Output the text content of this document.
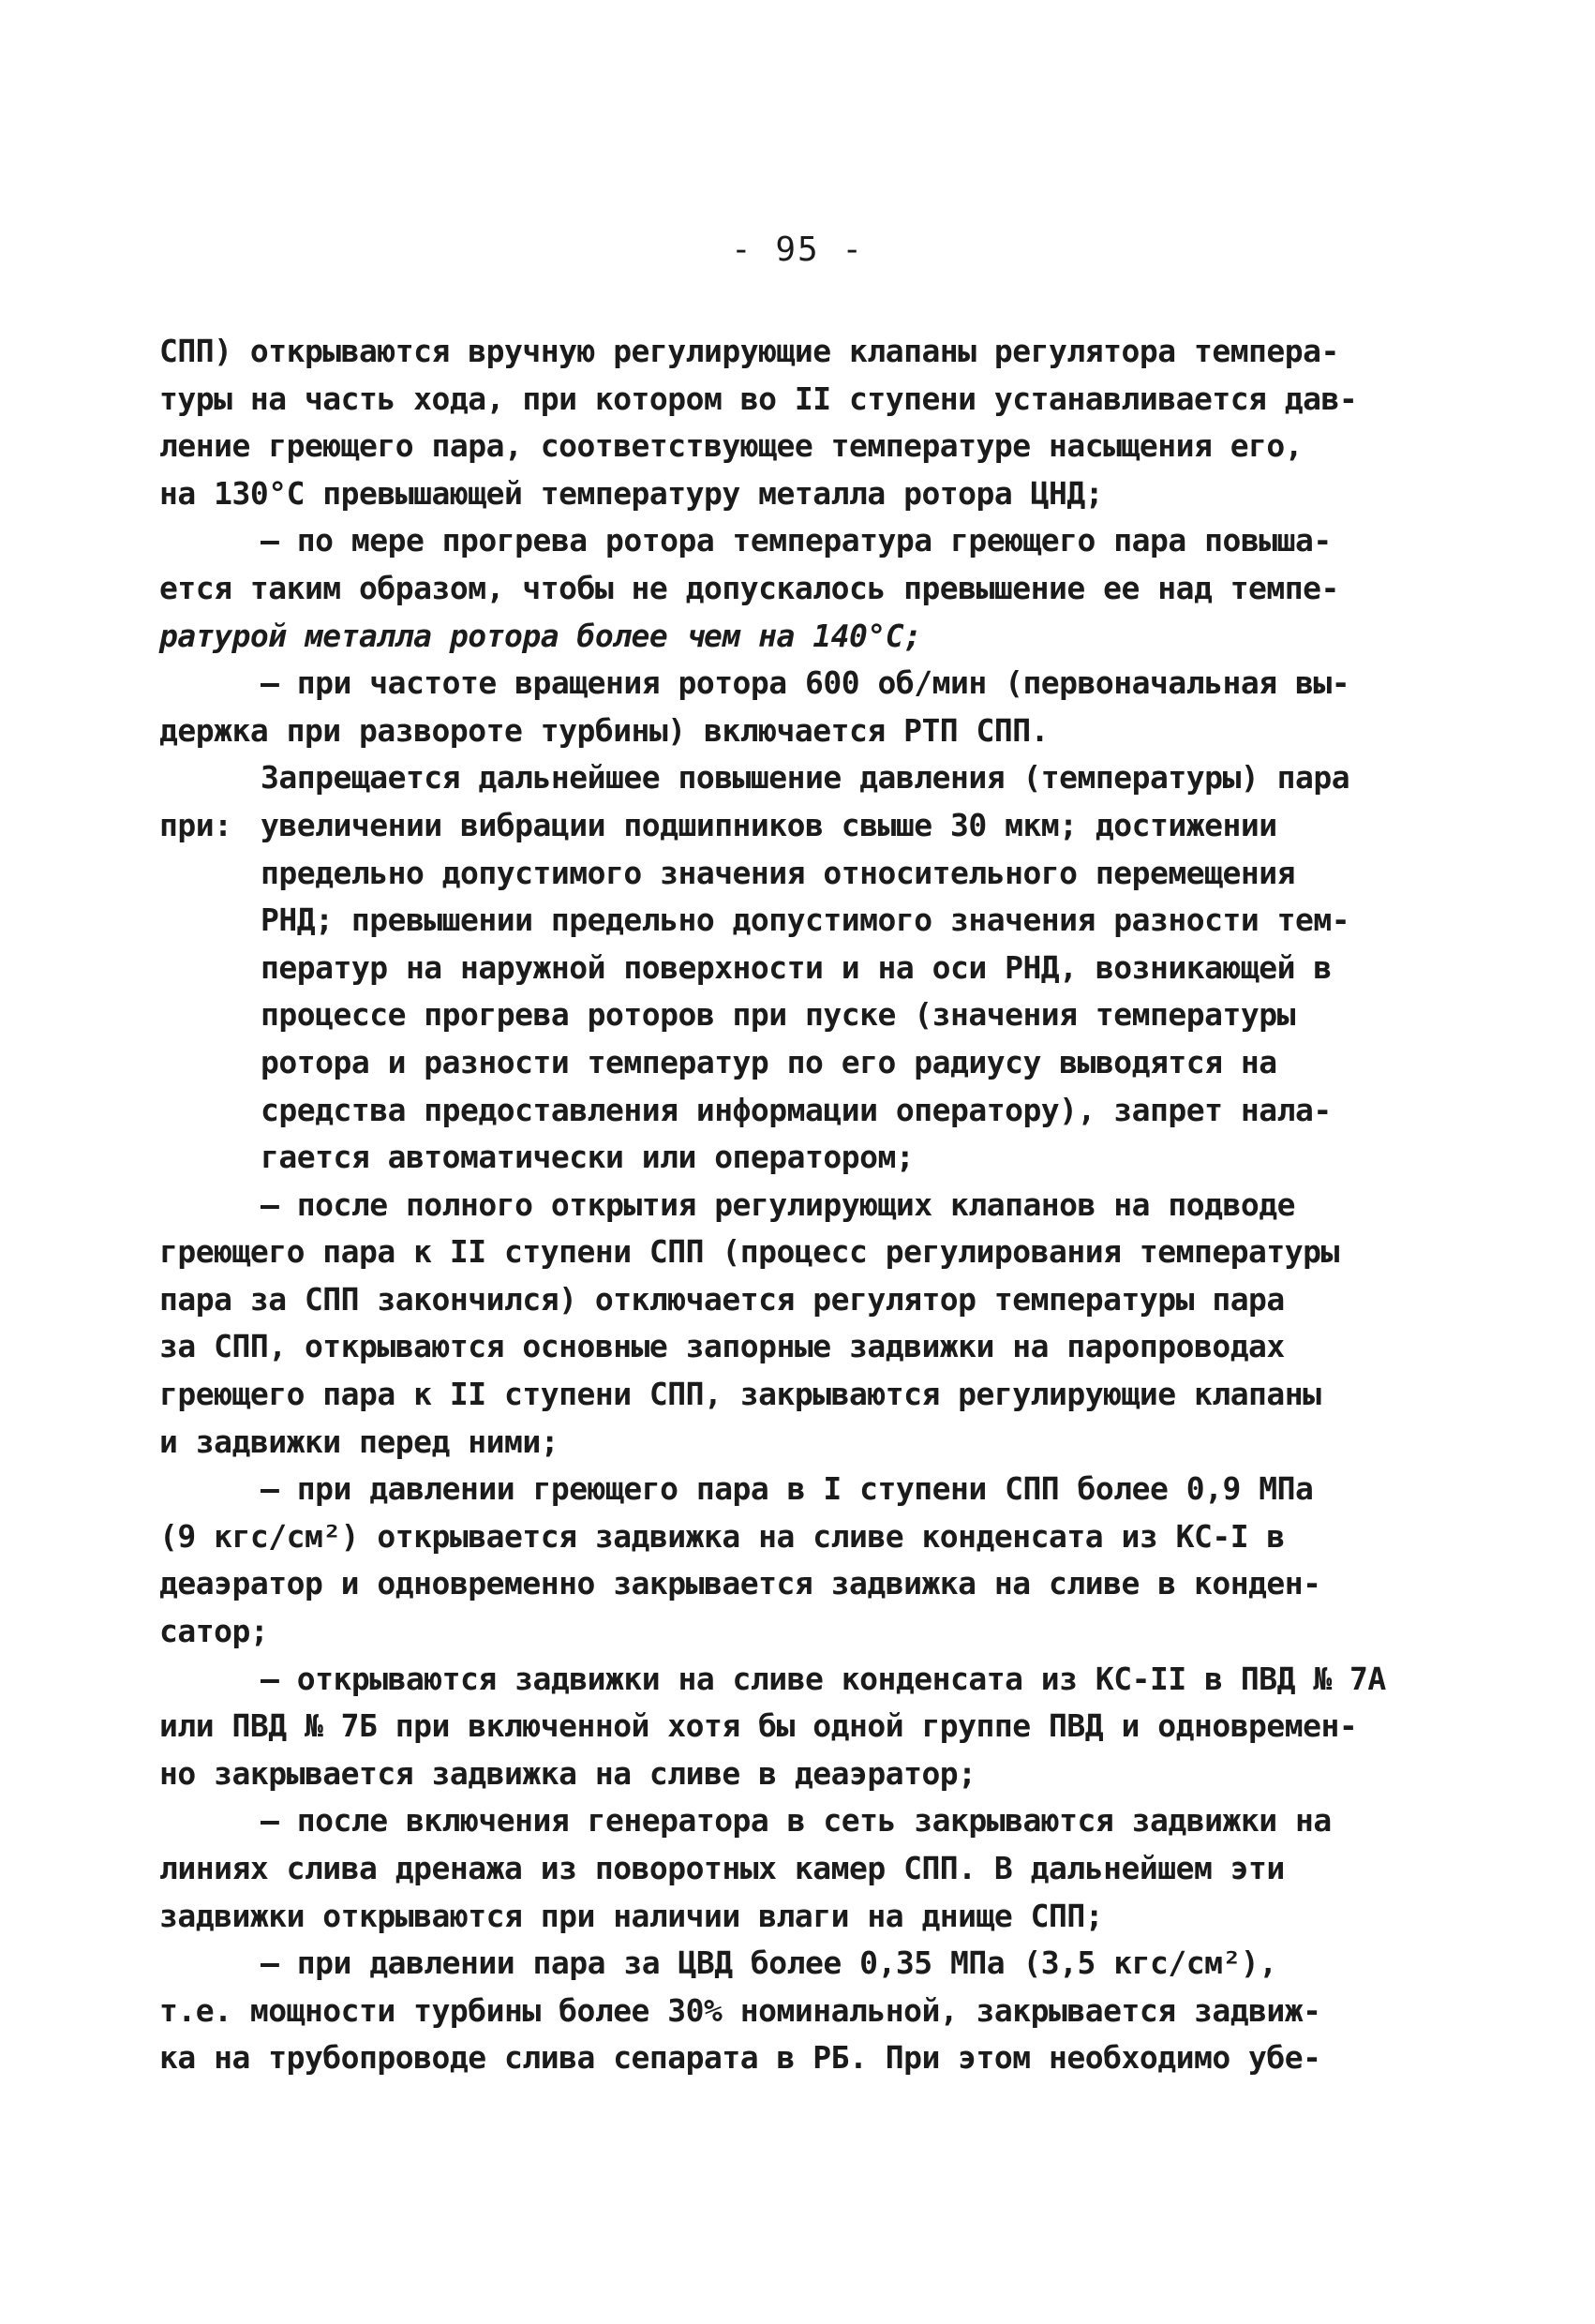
- 95 -
СПП) открываются вручную регулирующие клапаны регулятора темпера-
туры на часть хода, при котором во II ступени устанавливается дав-
ление греющего пара, соответствующее температуре насыщения его,
на 130°С превышающей температуру металла ротора ЦНД;
– по мере прогрева ротора температура греющего пара повыша-
ется таким образом, чтобы не допускалось превышение ее над темпе-
ратурой металла ротора более чем на 140°С;
– при частоте вращения ротора 600 об/мин (первоначальная вы-
держка при развороте турбины) включается РТП СПП.
Запрещается дальнейшее повышение давления (температуры) пара
при: увеличении вибрации подшипников свыше 30 мкм; достижении
предельно допустимого значения относительного перемещения
РНД; превышении предельно допустимого значения разности тем-
ператур на наружной поверхности и на оси РНД, возникающей в
процессе прогрева роторов при пуске (значения температуры
ротора и разности температур по его радиусу выводятся на
средства предоставления информации оператору), запрет нала-
гается автоматически или оператором;
– после полного открытия регулирующих клапанов на подводе
греющего пара к II ступени СПП (процесс регулирования температуры
пара за СПП закончился) отключается регулятор температуры пара
за СПП, открываются основные запорные задвижки на паропроводах
греющего пара к II ступени СПП, закрываются регулирующие клапаны
и задвижки перед ними;
– при давлении греющего пара в I ступени СПП более 0,9 МПа
(9 кгс/см²) открывается задвижка на сливе конденсата из КС-I в
деаэратор и одновременно закрывается задвижка на сливе в конден-
сатор;
– открываются задвижки на сливе конденсата из КС-II в ПВД № 7А
или ПВД № 7Б при включенной хотя бы одной группе ПВД и одновремен-
но закрывается задвижка на сливе в деаэратор;
– после включения генератора в сеть закрываются задвижки на
линиях слива дренажа из поворотных камер СПП. В дальнейшем эти
задвижки открываются при наличии влаги на днище СПП;
– при давлении пара за ЦВД более 0,35 МПа (3,5 кгс/см²),
т.е. мощности турбины более 30% номинальной, закрывается задвиж-
ка на трубопроводе слива сепарата в РБ. При этом необходимо убе-
